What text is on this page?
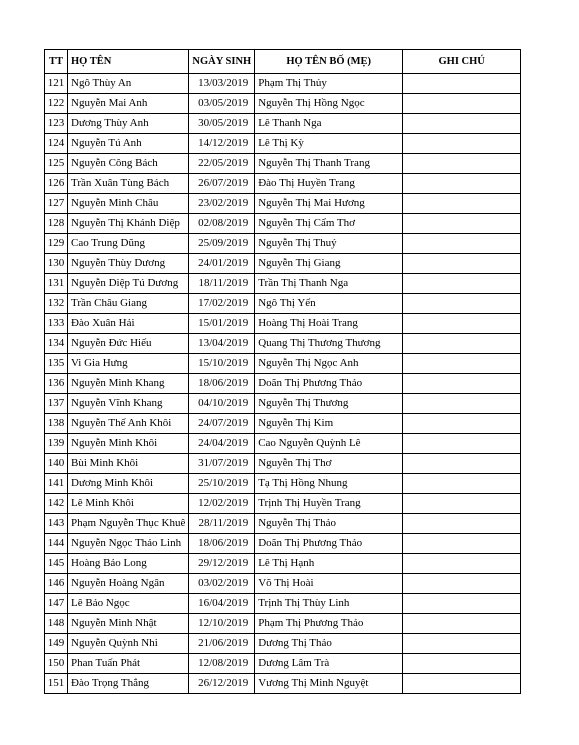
TT	HỌ TÊN	NGÀY SINH	HỌ TÊN BỐ (MẸ)	GHI CHÚ
121	Ngô Thùy An	13/03/2019	Phạm Thị Thủy	
122	Nguyễn Mai Anh	03/05/2019	Nguyễn Thị Hồng Ngọc	
123	Dương Thùy Anh	30/05/2019	Lê Thanh Nga	
124	Nguyễn Tú Anh	14/12/2019	Lê Thị Kỳ	
125	Nguyễn Công Bách	22/05/2019	Nguyễn Thị Thanh Trang	
126	Trần Xuân Tùng Bách	26/07/2019	Đào Thị Huyền Trang	
127	Nguyễn Minh Châu	23/02/2019	Nguyễn Thị Mai Hương	
128	Nguyễn Thị Khánh Diệp	02/08/2019	Nguyễn Thị Cẩm Thơ	
129	Cao Trung Dũng	25/09/2019	Nguyễn Thị Thuý	
130	Nguyễn Thùy Dương	24/01/2019	Nguyễn Thị Giang	
131	Nguyễn Diệp Tú Dương	18/11/2019	Trần Thị Thanh Nga	
132	Trần Châu Giang	17/02/2019	Ngô Thị Yến	
133	Đào Xuân Hải	15/01/2019	Hoàng Thị Hoài Trang	
134	Nguyễn Đức Hiếu	13/04/2019	Quang Thị Thương Thương	
135	Vi Gia Hưng	15/10/2019	Nguyễn Thị Ngọc Anh	
136	Nguyễn Minh Khang	18/06/2019	Doãn Thị Phương Thảo	
137	Nguyễn Vĩnh Khang	04/10/2019	Nguyễn Thị Thương	
138	Nguyễn Thế Anh Khôi	24/07/2019	Nguyễn Thị Kim	
139	Nguyễn Minh Khôi	24/04/2019	Cao Nguyễn Quỳnh Lê	
140	Bùi Minh Khôi	31/07/2019	Nguyễn Thị Thơ	
141	Dương Minh Khôi	25/10/2019	Tạ Thị Hồng Nhung	
142	Lê Minh Khôi	12/02/2019	Trịnh Thị Huyền Trang	
143	Phạm Nguyễn Thục Khuê	28/11/2019	Nguyễn Thị Thảo	
144	Nguyễn Ngọc Thảo Linh	18/06/2019	Doãn Thị Phương Thảo	
145	Hoàng Bảo Long	29/12/2019	Lê Thị Hạnh	
146	Nguyễn Hoàng Ngân	03/02/2019	Võ Thị Hoài	
147	Lê Bảo Ngọc	16/04/2019	Trịnh Thị Thùy Linh	
148	Nguyễn Minh Nhật	12/10/2019	Phạm Thị Phương Thảo	
149	Nguyễn Quỳnh Nhi	21/06/2019	Dương Thị Thảo	
150	Phan Tuấn Phát	12/08/2019	Dương Lâm Trà	
151	Đào Trọng Thắng	26/12/2019	Vương Thị Minh Nguyệt	
